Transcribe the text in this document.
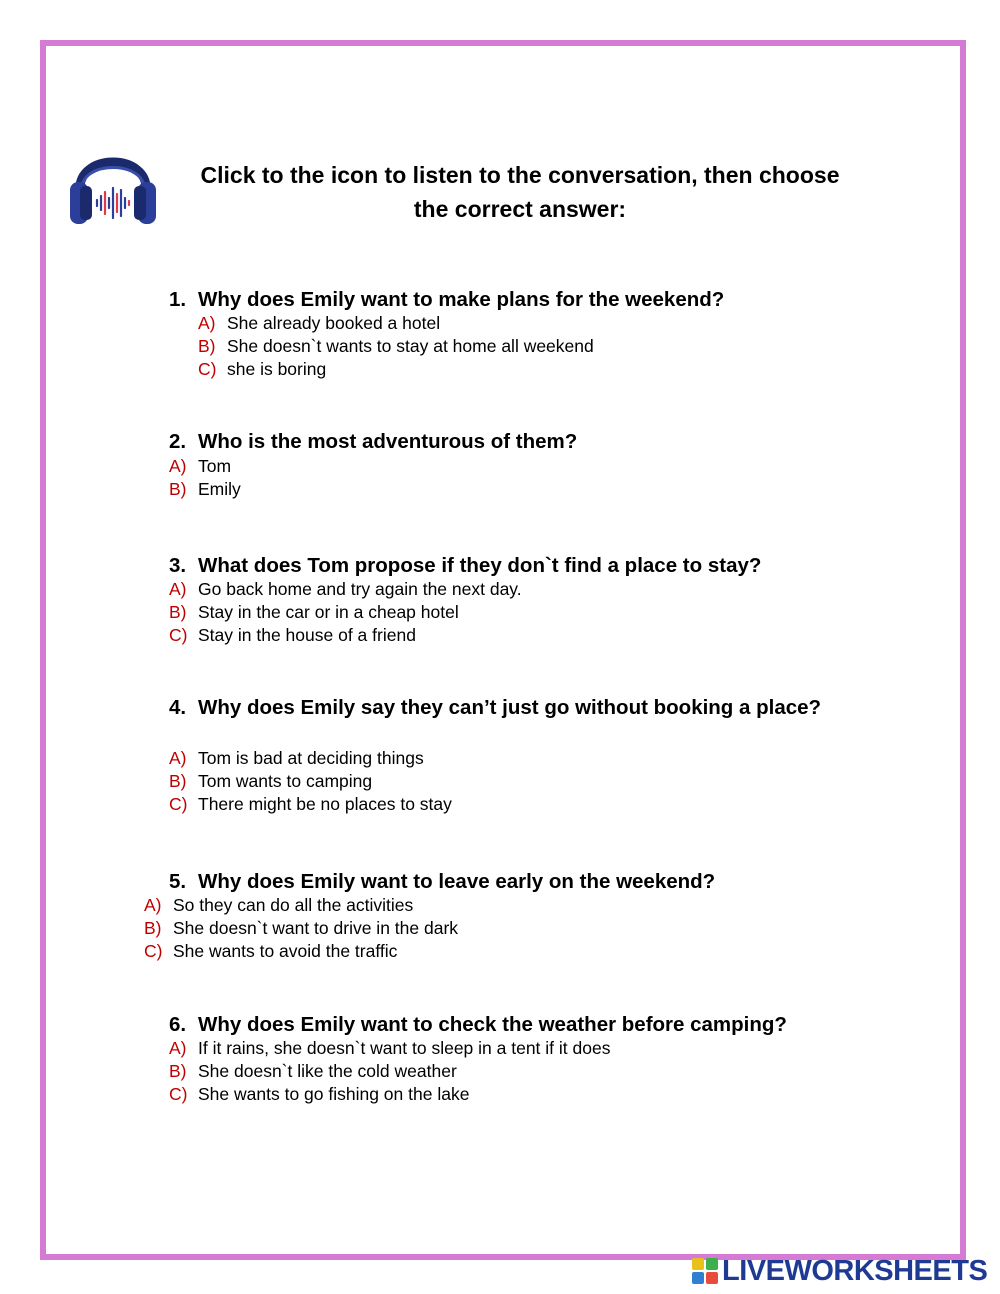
Click to the icon to listen to the conversation, then choose
the correct answer:
1. Why does Emily want to make plans for the weekend?
A) She already booked a hotel
B) She doesn`t wants to stay at home all weekend
C) she is boring
2. Who is the most adventurous of them?
A) Tom
B) Emily
3. What does Tom propose if they don`t find a place to stay?
A) Go back home and try again the next day.
B) Stay in the car or in a cheap hotel
C) Stay in the house of a friend
4. Why does Emily say they can’t just go without booking a place?
A) Tom is bad at deciding things
B) Tom wants to camping
C) There might be no places to stay
5. Why does Emily want to leave early on the weekend?
A) So they can do all the activities
B) She doesn`t want to drive in the dark
C) She wants to avoid the traffic
6. Why does Emily want to check the weather before camping?
A) If it rains, she doesn`t want to sleep in a tent if it does
B) She doesn`t like the cold weather
C) She wants to go fishing on the lake
LIVEWORKSHEETS
